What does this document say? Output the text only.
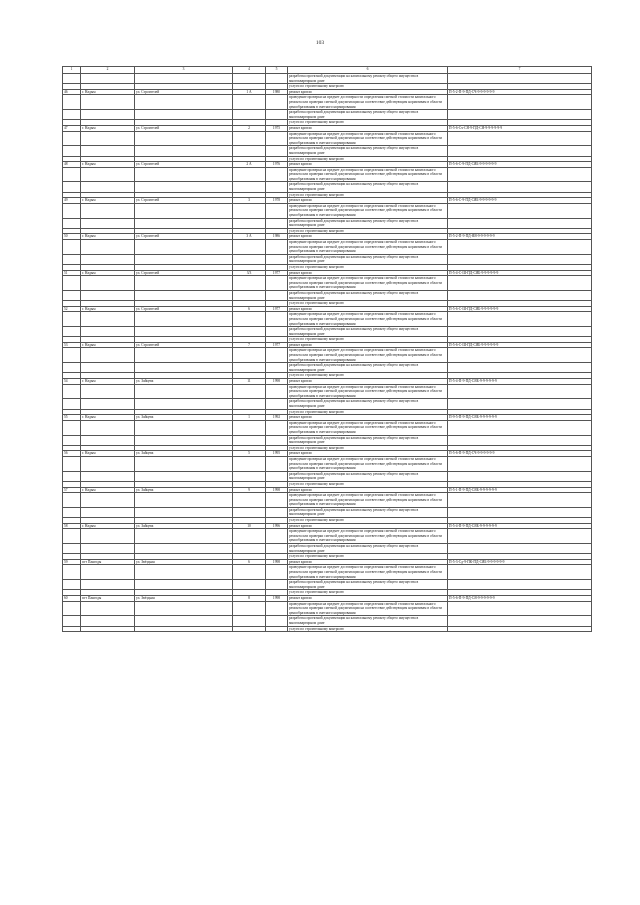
103
1	2	3	4	5	6	7
					разработка проектной документации на капитальному ремонту общего имущества в многоквартирном доме	
					услуги по строительному контролю	
46	г. Надым	ул. Строителей	1 А	1980	ремонт кровли	П-5-2-П-9-ПД-СЧ-9-9-9-9-9-9
					проведение проверки на предмет достоверности определения сметной стоимости капитального ремонта или проверки сметной документации на соответствие действующим нормативам в области ценообразования в сметного нормирования	
					разработка проектной документации на капитальному ремонту общего имущества в многоквартирном доме	
					услуги по строительному контролю	
47	г. Надым	ул. Строителей	2	1975	ремонт кровли	П-5-6-Сч-СЯ-9-ПД-СЯ-9-9-9-9-9-9
					проведение проверки на предмет достоверности определения сметной стоимости капитального ремонта или проверки сметной документации на соответствие действующим нормативам в области ценообразования в сметного нормирования	
					разработка проектной документации на капитальному ремонту общего имущества в многоквартирном доме	
					услуги по строительному контролю	
48	г. Надым	ул. Строителей	2 А	1976	ремонт кровли	П-5-6-С-9-ПД-СЯБ-9-9-9-9-9-9
					проведение проверки на предмет достоверности определения сметной стоимости капитального ремонта или проверки сметной документации на соответствие действующим нормативам в области ценообразования в сметного нормирования	
					разработка проектной документации на капитальному ремонту общего имущества в многоквартирном доме	
					услуги по строительному контролю	
49	г. Надым	ул. Строителей	3	1978	ремонт кровли	П-5-6-С-9-ПД-СЯБ-9-9-9-9-9-9
					проведение проверки на предмет достоверности определения сметной стоимости капитального ремонта или проверки сметной документации на соответствие действующим нормативам в области ценообразования в сметного нормирования	
					разработка проектной документации на капитальному ремонту общего имущества в многоквартирном доме	
					услуги по строительному контролю	
50	г. Надым	ул. Строителей	3 А	1986	ремонт кровли	П-5-2-П-9-ПД-ЯЯ-9-9-9-9-9-9
					проведение проверки на предмет достоверности определения сметной стоимости капитального ремонта или проверки сметной документации на соответствие действующим нормативам в области ценообразования в сметного нормирования	
					разработка проектной документации на капитальному ремонту общего имущества в многоквартирном доме	
					услуги по строительному контролю	
51	г. Надым	ул. Строителей	3/3	1977	ремонт кровли	П-5-4-С-Ш-ПД-СЯБ-9-9-9-9-9-9
					проведение проверки на предмет достоверности определения сметной стоимости капитального ремонта или проверки сметной документации на соответствие действующим нормативам в области ценообразования в сметного нормирования	
					разработка проектной документации на капитальному ремонту общего имущества в многоквартирном доме	
					услуги по строительному контролю	
52	г. Надым	ул. Строителей	6	1977	ремонт кровли	П-5-6-С-Ш-ПД-СЯБ-9-9-9-9-9-9
					проведение проверки на предмет достоверности определения сметной стоимости капитального ремонта или проверки сметной документации на соответствие действующим нормативам в области ценообразования в сметного нормирования	
					разработка проектной документации на капитальному ремонту общего имущества в многоквартирном доме	
					услуги по строительному контролю	
53	г. Надым	ул. Строителей	7	1977	ремонт кровли	П-5-6-С-Ш-ПД-СЯБ-9-9-9-9-9-9
					проведение проверки на предмет достоверности определения сметной стоимости капитального ремонта или проверки сметной документации на соответствие действующим нормативам в области ценообразования в сметного нормирования	
					разработка проектной документации на капитальному ремонту общего имущества в многоквартирном доме	
					услуги по строительному контролю	
54	г. Надым	ул. Зайцева	11	1998	ремонт кровли	П-5-4-П-9-ПД-СЯБ-9-9-9-9-9-9
					проведение проверки на предмет достоверности определения сметной стоимости капитального ремонта или проверки сметной документации на соответствие действующим нормативам в области ценообразования в сметного нормирования	
					разработка проектной документации на капитальному ремонту общего имущества в многоквартирном доме	
					услуги по строительному контролю	
55	г. Надым	ул. Зайцева	1	1992	ремонт кровли	П-9-5-П-9-ПД-СЯБ-9-9-9-9-9-9
					проведение проверки на предмет достоверности определения сметной стоимости капитального ремонта или проверки сметной документации на соответствие действующим нормативам в области ценообразования в сметного нормирования	
					разработка проектной документации на капитальному ремонту общего имущества в многоквартирном доме	
					услуги по строительному контролю	
56	г. Надым	ул. Зайцева	5	1995	ремонт кровли	П-5-6-П-9-ПД-СЧ-9-9-9-9-9-9
					проведение проверки на предмет достоверности определения сметной стоимости капитального ремонта или проверки сметной документации на соответствие действующим нормативам в области ценообразования в сметного нормирования	
					разработка проектной документации на капитальному ремонту общего имущества в многоквартирном доме	
					услуги по строительному контролю	
57	г. Надым	ул. Зайцева	9	1998	ремонт кровли	П-5-1-П-9-ПД-СЯБ-9-9-9-9-9-9
					проведение проверки на предмет достоверности определения сметной стоимости капитального ремонта или проверки сметной документации на соответствие действующим нормативам в области ценообразования в сметного нормирования	
					разработка проектной документации на капитальному ремонту общего имущества в многоквартирном доме	
					услуги по строительному контролю	
58	г. Надым	ул. Зайцева	10	1996	ремонт кровли	П-5-4-П-9-ПД-СЯБ-9-9-9-9-9-9
					проведение проверки на предмет достоверности определения сметной стоимости капитального ремонта или проверки сметной документации на соответствие действующим нормативам в области ценообразования в сметного нормирования	
					разработка проектной документации на капитальному ремонту общего имущества в многоквартирном доме	
					услуги по строительному контролю	
59	пгт Пангоды	ул. Звёздная	6	1998	ремонт кровли	П-5-3-Сд-9-ПК-ПД-СЯБ-9-9-9-9-9-9
					проведение проверки на предмет достоверности определения сметной стоимости капитального ремонта или проверки сметной документации на соответствие действующим нормативам в области ценообразования в сметного нормирования	
					разработка проектной документации на капитальному ремонту общего имущества в многоквартирном доме	
					услуги по строительному контролю	
60	пгт Пангоды	ул. Звёздная	8	1998	ремонт кровли	П-5-6-П-9-ПД-СЯ-9-9-9-9-9-9
					проведение проверки на предмет достоверности определения сметной стоимости капитального ремонта или проверки сметной документации на соответствие действующим нормативам в области ценообразования в сметного нормирования	
					разработка проектной документации на капитальному ремонту общего имущества в многоквартирном доме	
					услуги по строительному контролю	
